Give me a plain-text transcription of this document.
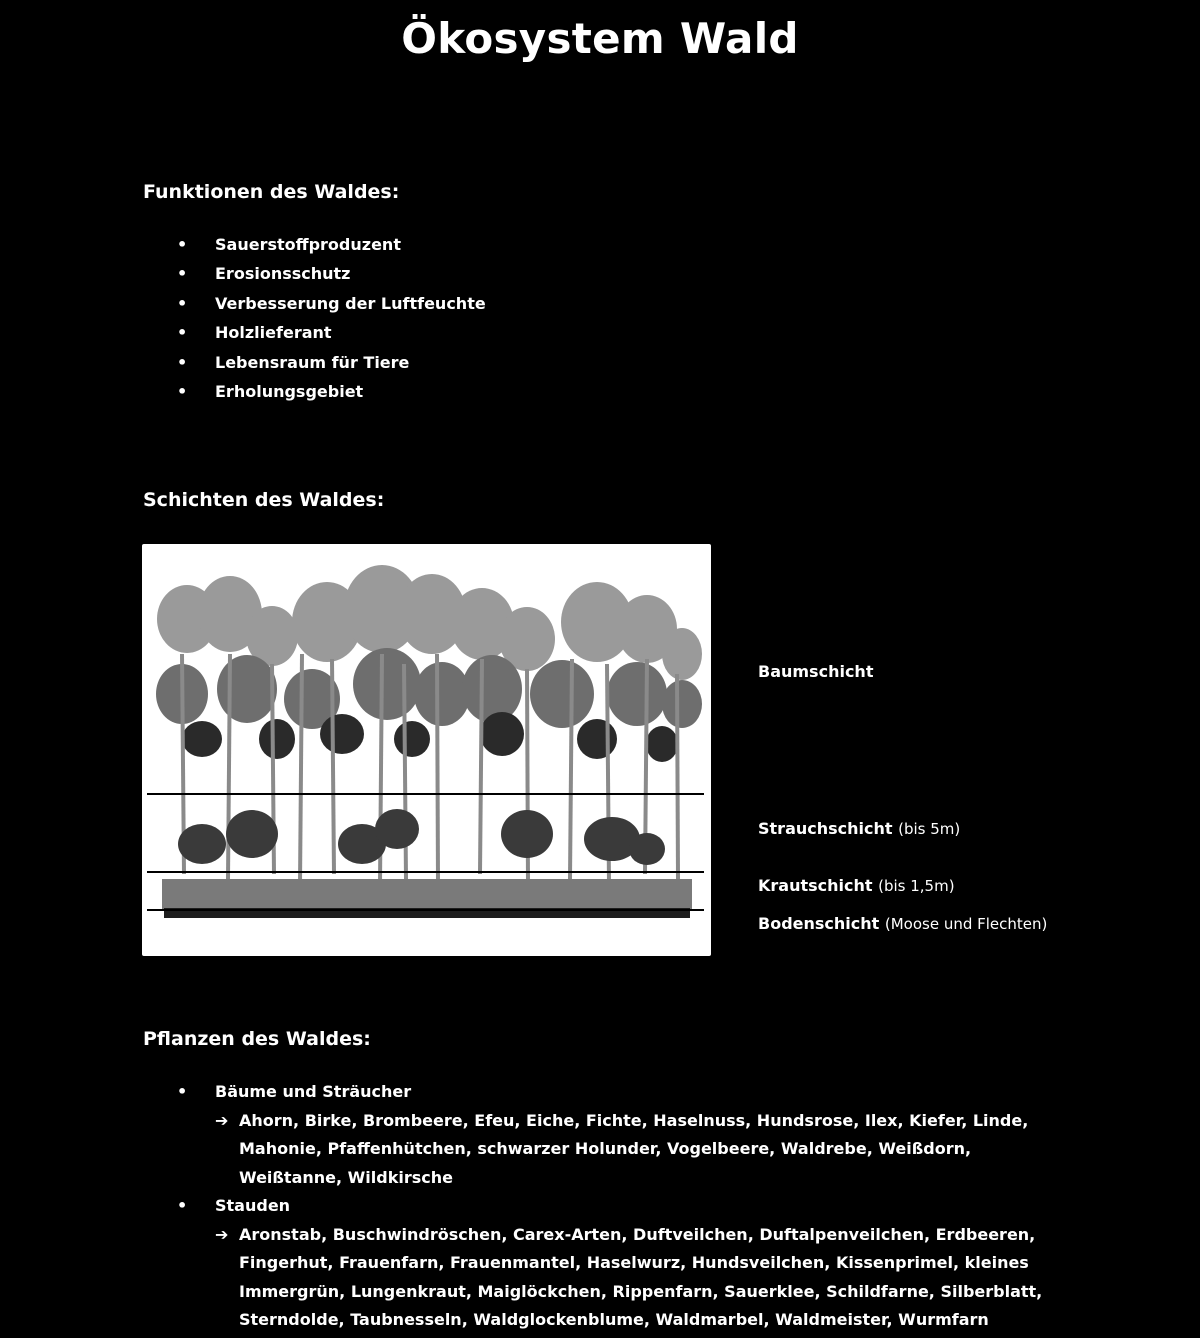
Ökosystem Wald
Funktionen des Waldes:
• Sauerstoffproduzent
• Erosionsschutz
• Verbesserung der Luftfeuchte
• Holzlieferant
• Lebensraum für Tiere
• Erholungsgebiet
Schichten des Waldes:
Baumschicht
Strauchschicht (bis 5m)
Krautschicht (bis 1,5m)
Bodenschicht (Moose und Flechten)
Pflanzen des Waldes:
• Bäume und Sträucher
➔ Ahorn, Birke, Brombeere, Efeu, Eiche, Fichte, Haselnuss, Hundsrose, Ilex, Kiefer, Linde, Mahonie, Pfaffenhütchen, schwarzer Holunder, Vogelbeere, Waldrebe, Weißdorn, Weißtanne, Wildkirsche
• Stauden
➔ Aronstab, Buschwindröschen, Carex-Arten, Duftveilchen, Duftalpenveilchen, Erdbeeren, Fingerhut, Frauenfarn, Frauenmantel, Haselwurz, Hundsveilchen, Kissenprimel, kleines Immergrün, Lungenkraut, Maiglöckchen, Rippenfarn, Sauerklee, Schildfarne, Silberblatt, Sterndolde, Taubnesseln, Waldglockenblume, Waldmarbel, Waldmeister, Wurmfarn
